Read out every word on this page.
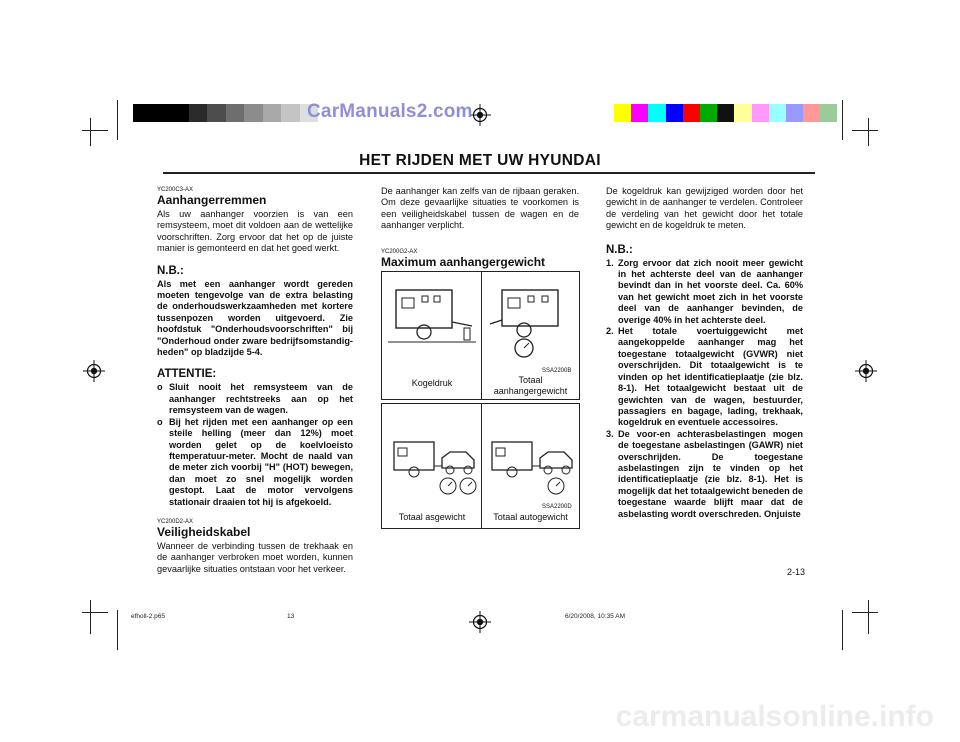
CarManuals2.com
HET RIJDEN MET UW HYUNDAI
YC200C3-AX
Aanhangerremmen

Als uw aanhanger voorzien is van een remsysteem, moet dit voldoen aan de wettelijke voorschriften. Zorg ervoor dat het op de juiste manier is gemonteerd en dat het goed werkt.

N.B.:

Als met een aanhanger wordt gereden moeten tengevolge van de extra belasting de onderhoudswerkzaamheden met kortere tussenpozen worden uitgevoerd. Zie hoofdstuk "Onderhoudsvoorschriften" bij "Onderhoud onder zware bedrijfsomstandig-heden" op bladzijde 5-4.

ATTENTIE:
o Sluit nooit het remsysteem van de aanhanger rechtstreeks aan op het remsysteem van de wagen.
o Bij het rijden met een aanhanger op een steile helling (meer dan 12%) moet worden gelet op de koelvloeisto ftemperatuur-meter. Mocht de naald van de meter zich voorbij "H" (HOT) bewegen, dan moet zo snel mogelijk worden gestopt. Laat de motor vervolgens stationair draaien tot hij is afgekoeld.
YC200D2-AX
Veiligheidskabel

Wanneer de verbinding tussen de trekhaak en de aanhanger verbroken moet worden, kunnen gevaarlijke situaties ontstaan voor het verkeer.

De aanhanger kan zelfs van de rijbaan geraken. Om deze gevaarlijke situaties te voorkomen is een veiligheidskabel tussen de wagen en de aanhanger verplicht.

YC200G2-AX
Maximum aanhangergewicht
SSA2200B
Kogeldruk	Totaal
aanhangergewicht
SSA2200D
Totaal asgewicht	Totaal autogewicht

De kogeldruk kan gewijziged worden door het gewicht in de aanhanger te verdelen. Controleer de verdeling van het gewicht door het totale gewicht en de kogeldruk te meten.

N.B.:
1. Zorg ervoor dat zich nooit meer gewicht in het achterste deel van de aanhanger bevindt dan in het voorste deel. Ca. 60% van het gewicht moet zich in het voorste deel van de aanhanger bevinden, de overige 40% in het achterste deel.
2. Het totale voertuiggewicht met aangekoppelde aanhanger mag het toegestane totaalgewicht (GVWR) niet overschrijden. Dit totaalgewicht is te vinden op het identificatieplaatje (zie blz. 8-1). Het totaalgewicht bestaat uit de gewichten van de wagen, bestuurder, passagiers en bagage, lading, trekhaak, kogeldruk en eventuele accessoires.
3. De voor-en achterasbelastingen mogen de toegestane asbelastingen (GAWR) niet overschrijden. De toegestane asbelastingen zijn te vinden op het identificatieplaatje (zie blz. 8-1). Het is mogelijk dat het totaalgewicht beneden de toegestane waarde blijft maar dat de asbelasting wordt overschreden. Onjuiste
2-13
efholl-2.p65	13	6/20/2008, 10:35 AM
carmanualsonline.info
